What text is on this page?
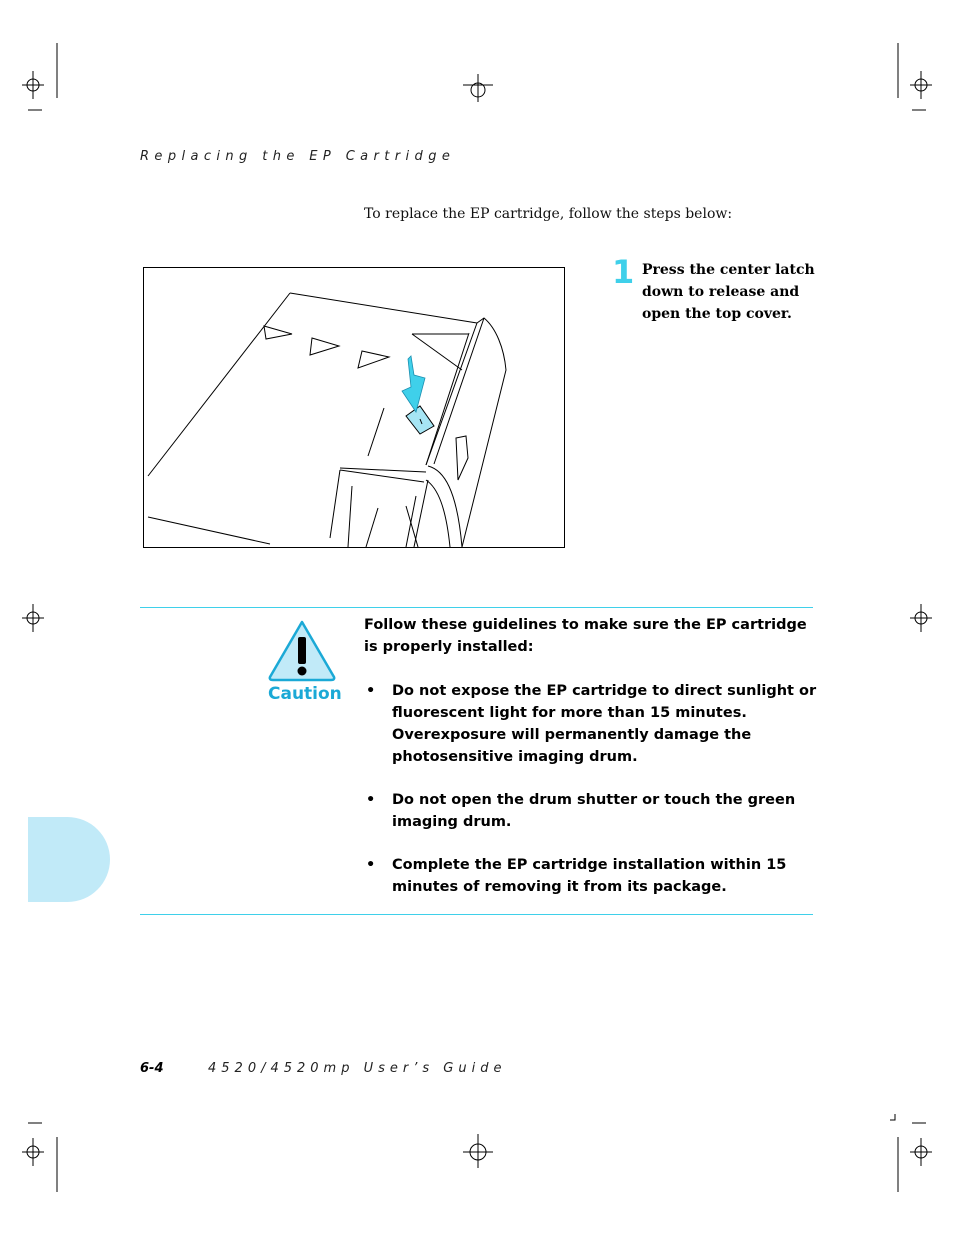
Replacing the EP Cartridge
To replace the EP cartridge, follow the steps below:
1 Press the center latch down to release and open the top cover.
Caution
Follow these guidelines to make sure the EP cartridge is properly installed:
• Do not expose the EP cartridge to direct sunlight or fluorescent light for more than 15 minutes. Overexposure will permanently damage the photosensitive imaging drum.
• Do not open the drum shutter or touch the green imaging drum.
• Complete the EP cartridge installation within 15 minutes of removing it from its package.
6-4	4520/4520mp User’s Guide
